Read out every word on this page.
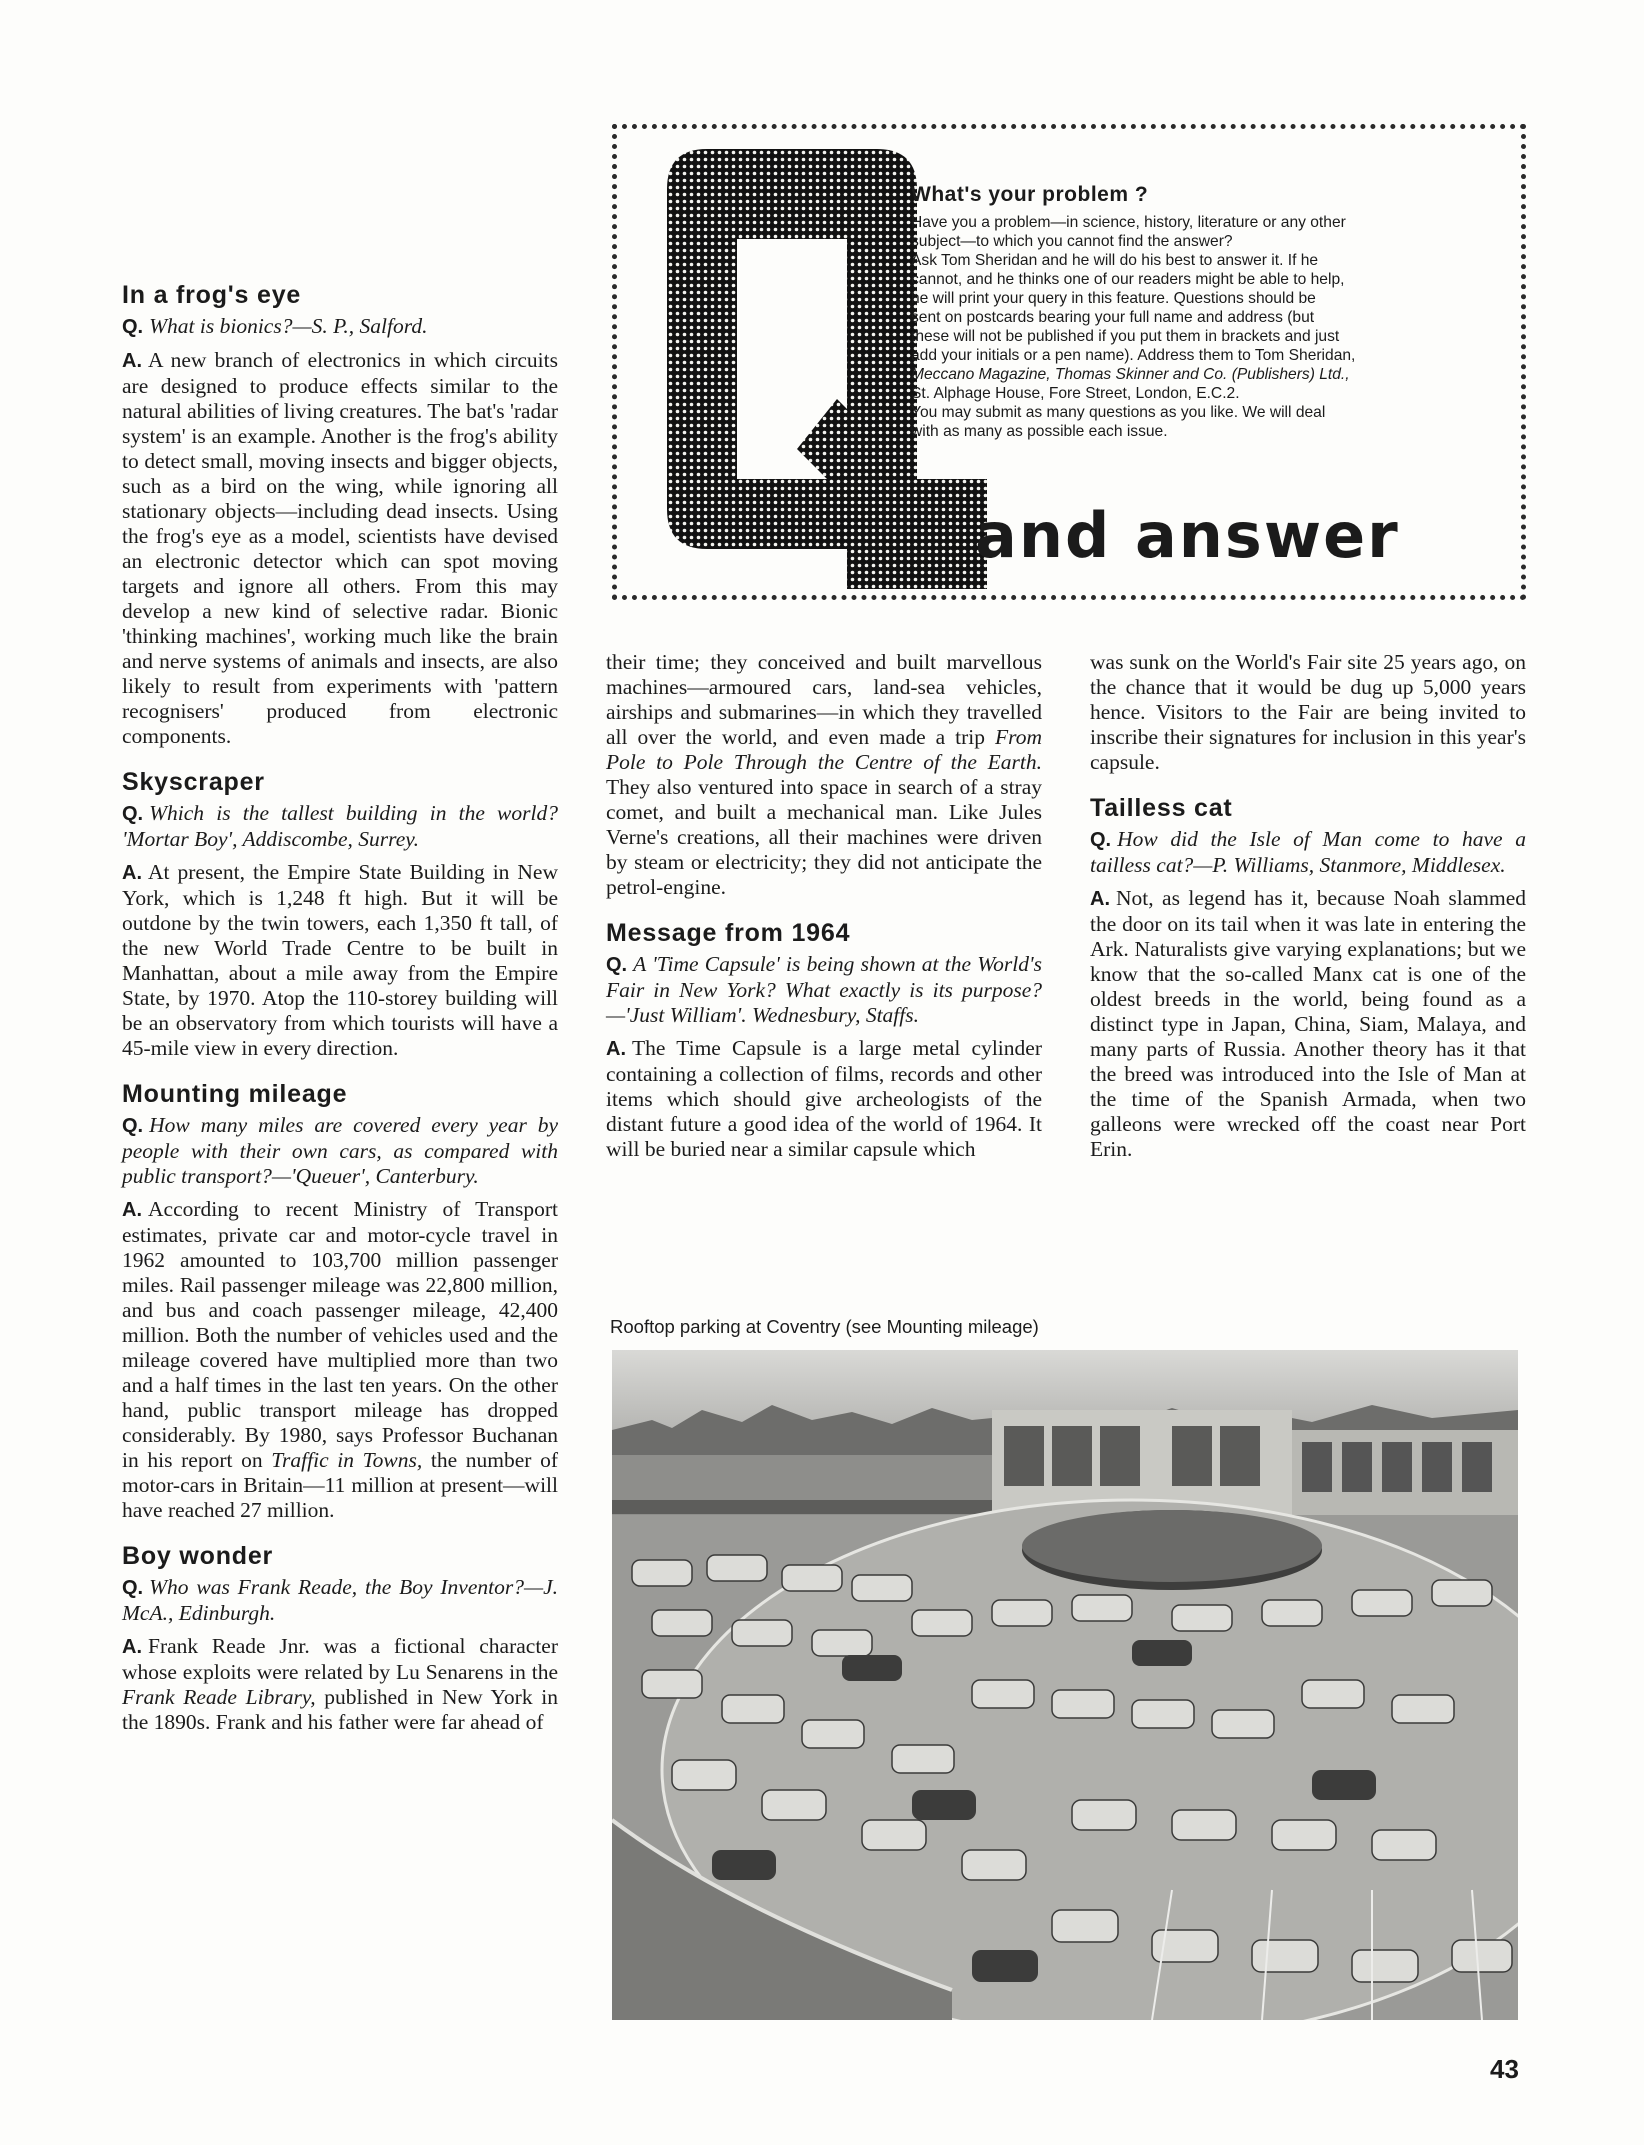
What's your problem ?

Have you a problem—in science, history, literature or any other

subject—to which you cannot find the answer?

Ask Tom Sheridan and he will do his best to answer it. If he

cannot, and he thinks one of our readers might be able to help,

he will print your query in this feature. Questions should be

sent on postcards bearing your full name and address (but

these will not be published if you put them in brackets and just

add your initials or a pen name). Address them to Tom Sheridan,

Meccano Magazine, Thomas Skinner and Co. (Publishers) Ltd.,

St. Alphage House, Fore Street, London, E.C.2.

You may submit as many questions as you like. We will deal

with as many as possible each issue.

and answer
In a frog's eye

Q. What is bionics?—S. P., Salford.

A. A new branch of electronics in which circuits are designed to produce effects similar to the natural abilities of living creatures. The bat's 'radar system' is an example. Another is the frog's ability to detect small, moving insects and bigger objects, such as a bird on the wing, while ignoring all stationary objects—including dead insects. Using the frog's eye as a model, scientists have devised an electronic detector which can spot moving targets and ignore all others. From this may develop a new kind of selective radar. Bionic 'thinking machines', working much like the brain and nerve systems of animals and insects, are also likely to result from experiments with 'pattern recognisers' produced from electronic components.

Skyscraper

Q. Which is the tallest building in the world? 'Mortar Boy', Addiscombe, Surrey.

A. At present, the Empire State Building in New York, which is 1,248 ft high. But it will be outdone by the twin towers, each 1,350 ft tall, of the new World Trade Centre to be built in Manhattan, about a mile away from the Empire State, by 1970. Atop the 110-storey building will be an observatory from which tourists will have a 45-mile view in every direction.

Mounting mileage

Q. How many miles are covered every year by people with their own cars, as compared with public transport?—'Queuer', Canterbury.

A. According to recent Ministry of Transport estimates, private car and motor-cycle travel in 1962 amounted to 103,700 million passenger miles. Rail passenger mileage was 22,800 million, and bus and coach passenger mileage, 42,400 million. Both the number of vehicles used and the mileage covered have multiplied more than two and a half times in the last ten years. On the other hand, public transport mileage has dropped considerably. By 1980, says Professor Buchanan in his report on Traffic in Towns, the number of motor-cars in Britain—11 million at present—will have reached 27 million.

Boy wonder

Q. Who was Frank Reade, the Boy Inventor?—J. McA., Edinburgh.

A. Frank Reade Jnr. was a fictional character whose exploits were related by Lu Senarens in the Frank Reade Library, published in New York in the 1890s. Frank and his father were far ahead of

their time; they conceived and built marvellous machines—armoured cars, land-sea vehicles, airships and submarines—in which they travelled all over the world, and even made a trip From Pole to Pole Through the Centre of the Earth. They also ventured into space in search of a stray comet, and built a mechanical man. Like Jules Verne's creations, all their machines were driven by steam or electricity; they did not anticipate the petrol-engine.

Message from 1964

Q. A 'Time Capsule' is being shown at the World's Fair in New York? What exactly is its purpose?—'Just William'. Wednesbury, Staffs.

A. The Time Capsule is a large metal cylinder containing a collection of films, records and other items which should give archeologists of the distant future a good idea of the world of 1964. It will be buried near a similar capsule which

was sunk on the World's Fair site 25 years ago, on the chance that it would be dug up 5,000 years hence. Visitors to the Fair are being invited to inscribe their signatures for inclusion in this year's capsule.

Tailless cat

Q. How did the Isle of Man come to have a tailless cat?—P. Williams, Stanmore, Middlesex.

A. Not, as legend has it, because Noah slammed the door on its tail when it was late in entering the Ark. Naturalists give varying explanations; but we know that the so-called Manx cat is one of the oldest breeds in the world, being found as a distinct type in Japan, China, Siam, Malaya, and many parts of Russia. Another theory has it that the breed was introduced into the Isle of Man at the time of the Spanish Armada, when two galleons were wrecked off the coast near Port Erin.

Rooftop parking at Coventry (see Mounting mileage)
43
